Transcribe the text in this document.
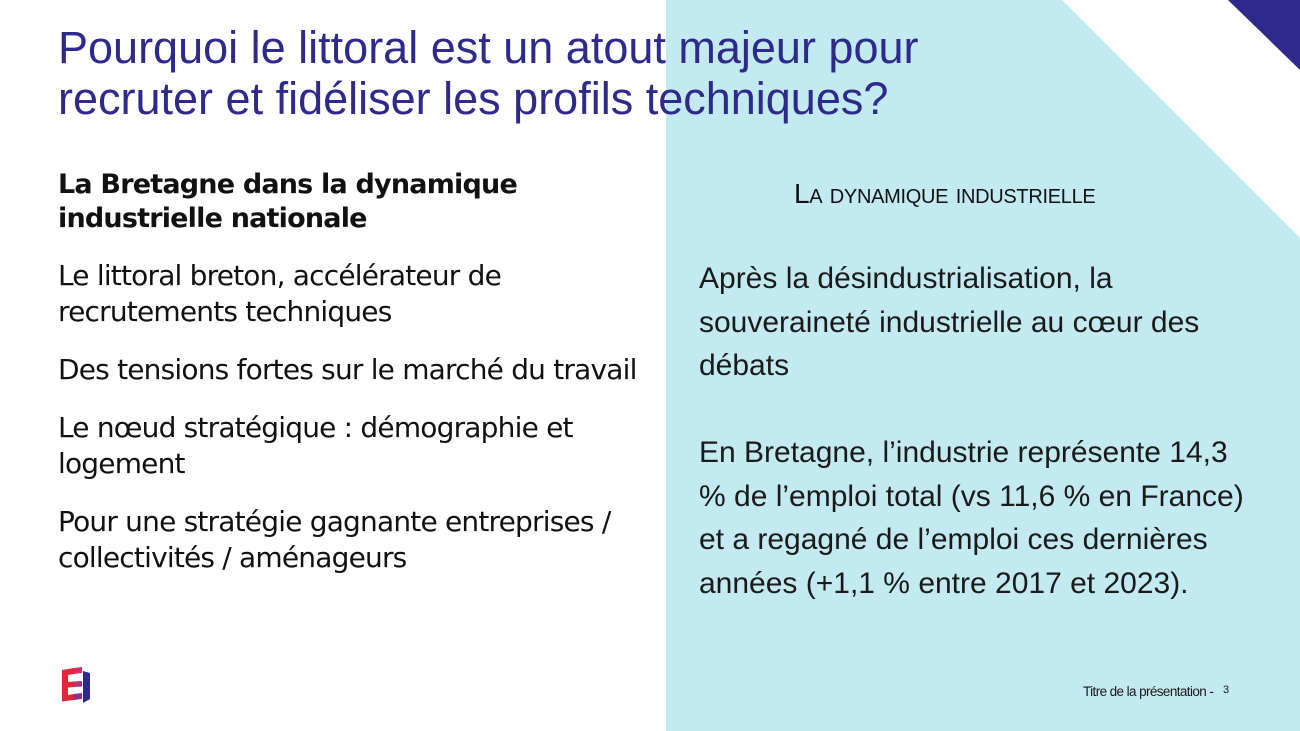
Pourquoi le littoral est un atout majeur pour
recruter et fidéliser les profils techniques?
La Bretagne dans la dynamique industrielle nationale
Le littoral breton, accélérateur de recrutements techniques
Des tensions fortes sur le marché du travail
Le nœud stratégique : démographie et logement
Pour une stratégie gagnante entreprises / collectivités / aménageurs
La dynamique industrielle

Après la désindustrialisation, la souveraineté industrielle au cœur des débats

En Bretagne, l’industrie représente 14,3 % de l’emploi total (vs 11,6 % en France) et a regagné de l’emploi ces dernières années (+1,1 % entre 2017 et 2023).

Titre de la présentation - 3
